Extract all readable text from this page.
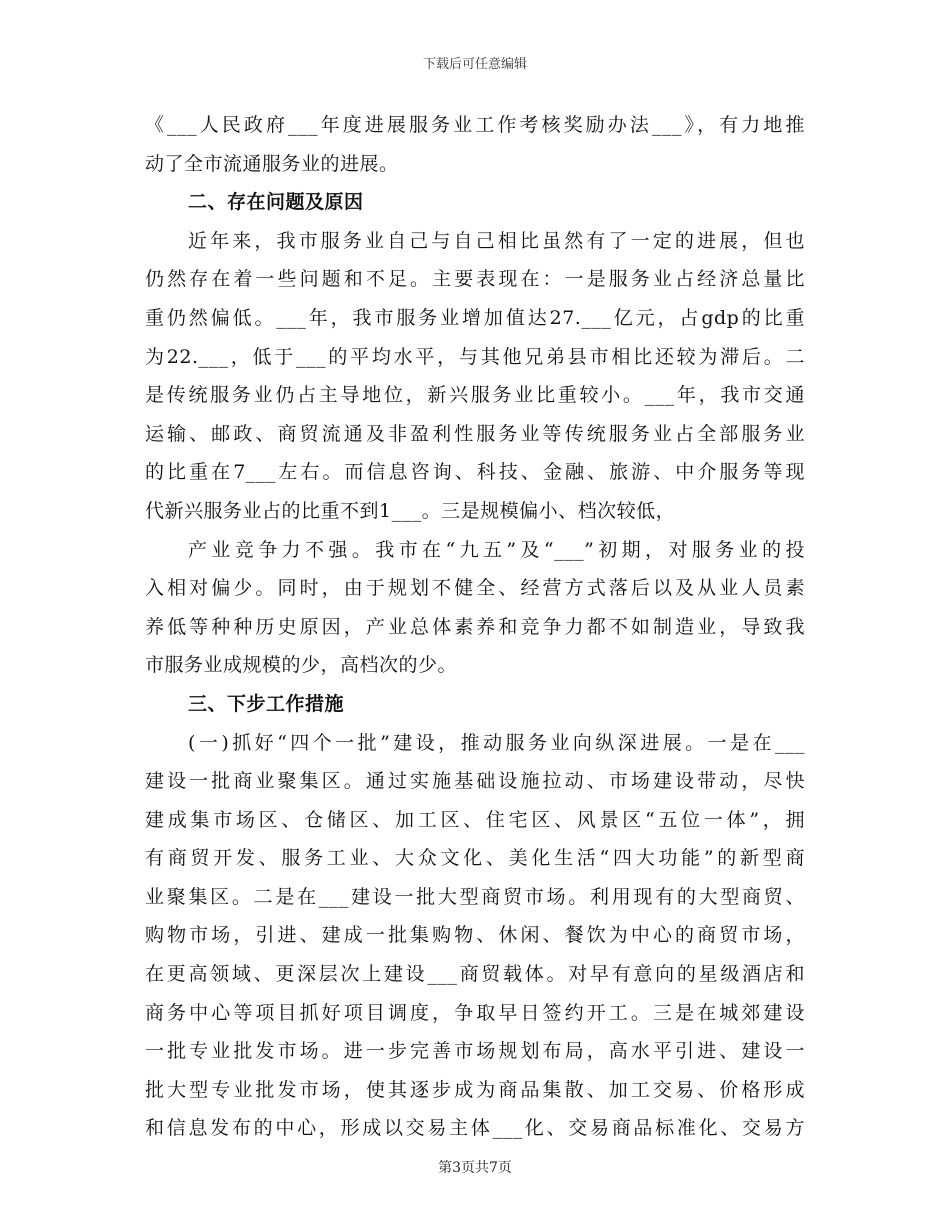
下载后可任意编辑
《___人民政府___年度进展服务业工作考核奖励办法___》，有力地推
动了全市流通服务业的进展。
二、存在问题及原因
近年来，我市服务业自己与自己相比虽然有了一定的进展，但也
仍然存在着一些问题和不足。主要表现在：一是服务业占经济总量比
重仍然偏低。___年，我市服务业增加值达27.___亿元，占gdp的比重
为22.___，低于___的平均水平，与其他兄弟县市相比还较为滞后。二
是传统服务业仍占主导地位，新兴服务业比重较小。___年，我市交通
运输、邮政、商贸流通及非盈利性服务业等传统服务业占全部服务业
的比重在7___左右。而信息咨询、科技、金融、旅游、中介服务等现
代新兴服务业占的比重不到1___。三是规模偏小、档次较低，
产业竞争力不强。我市在“九五”及“___”初期，对服务业的投
入相对偏少。同时，由于规划不健全、经营方式落后以及从业人员素
养低等种种历史原因，产业总体素养和竞争力都不如制造业，导致我
市服务业成规模的少，高档次的少。
三、下步工作措施
(一)抓好“四个一批”建设，推动服务业向纵深进展。一是在___
建设一批商业聚集区。通过实施基础设施拉动、市场建设带动，尽快
建成集市场区、仓储区、加工区、住宅区、风景区“五位一体”，拥
有商贸开发、服务工业、大众文化、美化生活“四大功能”的新型商
业聚集区。二是在___建设一批大型商贸市场。利用现有的大型商贸、
购物市场，引进、建成一批集购物、休闲、餐饮为中心的商贸市场，
在更高领域、更深层次上建设___商贸载体。对早有意向的星级酒店和
商务中心等项目抓好项目调度，争取早日签约开工。三是在城郊建设
一批专业批发市场。进一步完善市场规划布局，高水平引进、建设一
批大型专业批发市场，使其逐步成为商品集散、加工交易、价格形成
和信息发布的中心，形成以交易主体___化、交易商品标准化、交易方
第3页共7页
